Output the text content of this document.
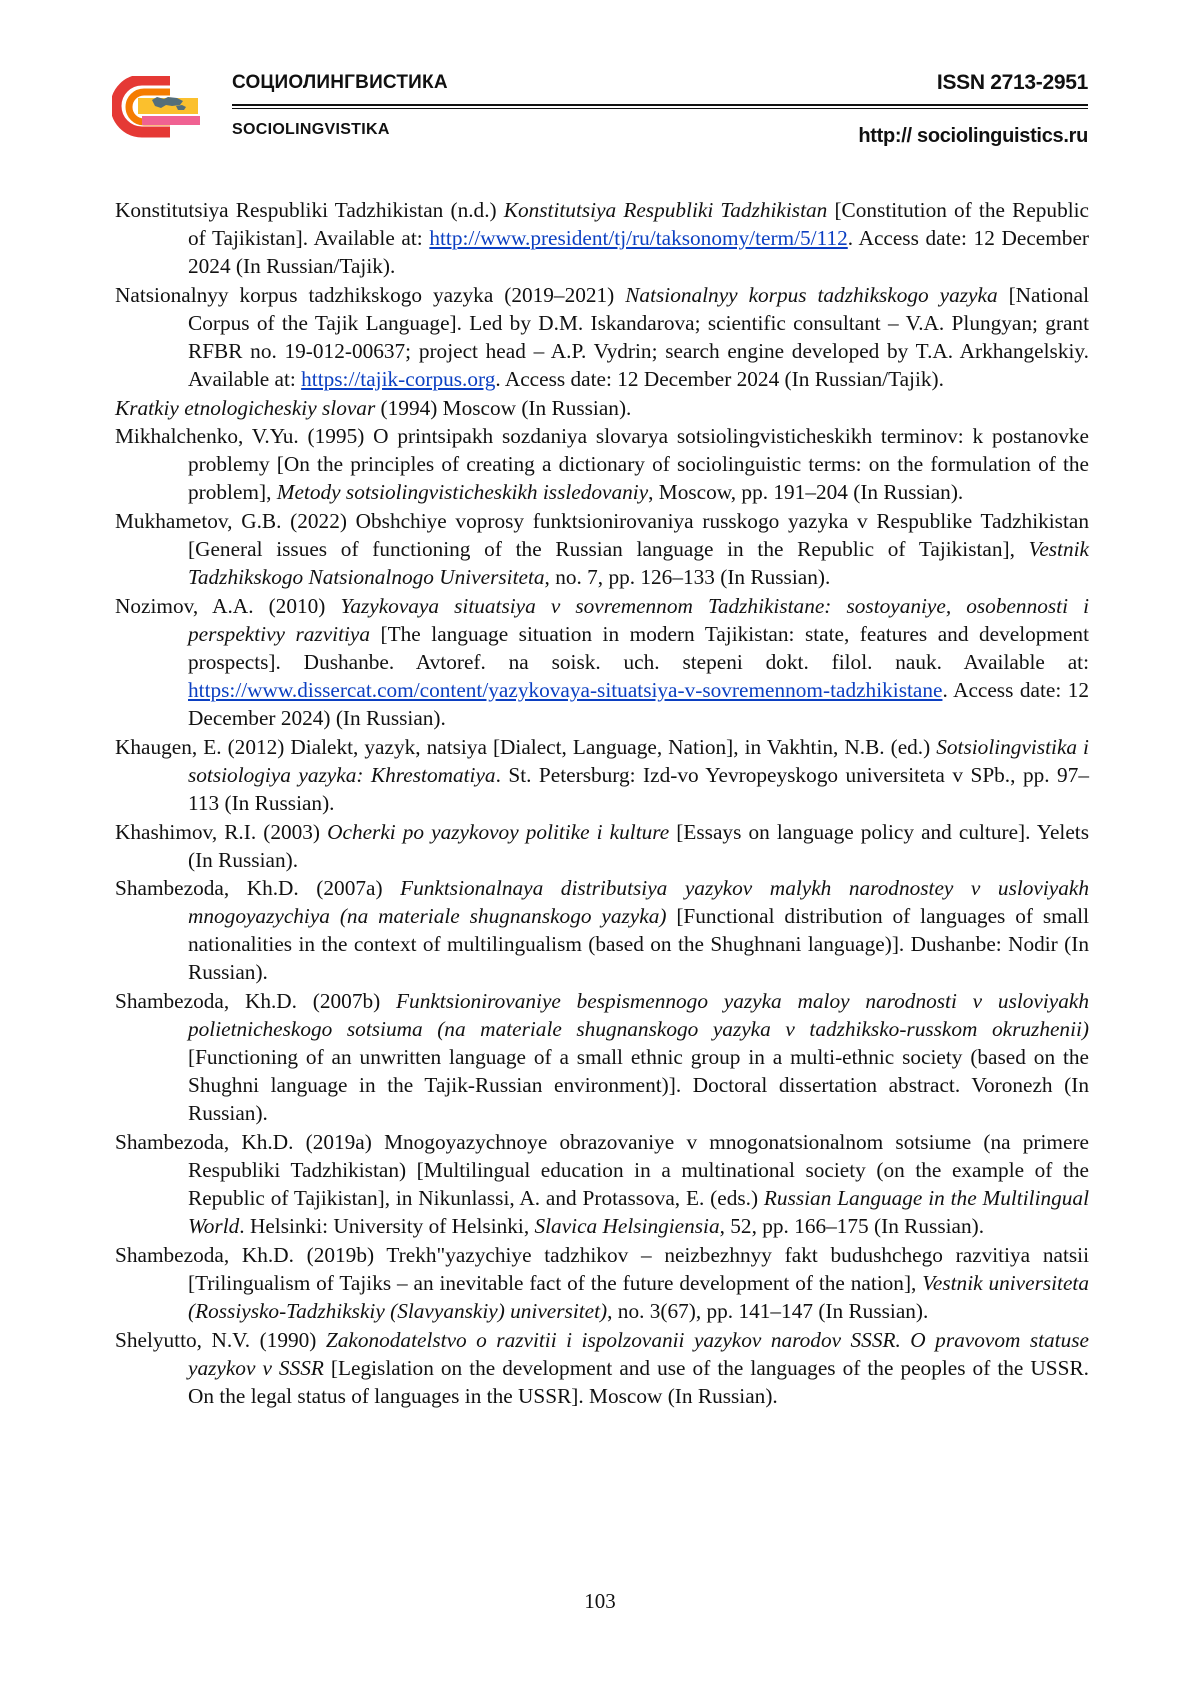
СОЦИОЛИНГВИСТИКА

SOCIOLINGVISTIKA

ISSN 2713-2951

http:// sociolinguistics.ru

Konstitutsiya Respubliki Tadzhikistan (n.d.) Konstitutsiya Respubliki Tadzhikistan [Constitution of the Republic of Tajikistan]. Available at: http://www.president/tj/ru/taksonomy/term/5/112. Access date: 12 December 2024 (In Russian/Tajik).

Natsionalnyy korpus tadzhikskogo yazyka (2019–2021) Natsionalnyy korpus tadzhikskogo yazyka [National Corpus of the Tajik Language]. Led by D.M. Iskandarova; scientific consultant – V.A. Plungyan; grant RFBR no. 19-012-00637; project head – A.P. Vydrin; search engine developed by T.A. Arkhangelskiy. Available at: https://tajik-corpus.org. Access date: 12 December 2024 (In Russian/Tajik).

Kratkiy etnologicheskiy slovar (1994) Moscow (In Russian).

Mikhalchenko, V.Yu. (1995) O printsipakh sozdaniya slovarya sotsiolingvisticheskikh terminov: k postanovke problemy [On the principles of creating a dictionary of sociolinguistic terms: on the formulation of the problem], Metody sotsiolingvisticheskikh issledovaniy, Moscow, pp. 191–204 (In Russian).

Mukhametov, G.B. (2022) Obshchiye voprosy funktsionirovaniya russkogo yazyka v Respublike Tadzhikistan [General issues of functioning of the Russian language in the Republic of Tajikistan], Vestnik Tadzhikskogo Natsionalnogo Universiteta, no. 7, pp. 126–133 (In Russian).

Nozimov, A.A. (2010) Yazykovaya situatsiya v sovremennom Tadzhikistane: sostoyaniye, osobennosti i perspektivy razvitiya [The language situation in modern Tajikistan: state, features and development prospects]. Dushanbe. Avtoref. na soisk. uch. stepeni dokt. filol. nauk. Available at: https://www.dissercat.com/content/yazykovaya-situatsiya-v-sovremennom-tadzhikistane. Access date: 12 December 2024) (In Russian).

Khaugen, E. (2012) Dialekt, yazyk, natsiya [Dialect, Language, Nation], in Vakhtin, N.B. (ed.) Sotsiolingvistika i sotsiologiya yazyka: Khrestomatiya. St. Petersburg: Izd-vo Yevropeyskogo universiteta v SPb., pp. 97–113 (In Russian).

Khashimov, R.I. (2003) Ocherki po yazykovoy politike i kulture [Essays on language policy and culture]. Yelets (In Russian).

Shambezoda, Kh.D. (2007a) Funktsionalnaya distributsiya yazykov malykh narodnostey v usloviyakh mnogoyazychiya (na materiale shugnanskogo yazyka) [Functional distribution of languages of small nationalities in the context of multilingualism (based on the Shughnani language)]. Dushanbe: Nodir (In Russian).

Shambezoda, Kh.D. (2007b) Funktsionirovaniye bespismennogo yazyka maloy narodnosti v usloviyakh polietnicheskogo sotsiuma (na materiale shugnanskogo yazyka v tadzhiksko-russkom okruzhenii) [Functioning of an unwritten language of a small ethnic group in a multi-ethnic society (based on the Shughni language in the Tajik-Russian environment)]. Doctoral dissertation abstract. Voronezh (In Russian).

Shambezoda, Kh.D. (2019a) Mnogoyazychnoye obrazovaniye v mnogonatsionalnom sotsiume (na primere Respubliki Tadzhikistan) [Multilingual education in a multinational society (on the example of the Republic of Tajikistan], in Nikunlassi, A. and Protassova, E. (eds.) Russian Language in the Multilingual World. Helsinki: University of Helsinki, Slavica Helsingiensia, 52, pp. 166–175 (In Russian).

Shambezoda, Kh.D. (2019b) Trekh"yazychiye tadzhikov – neizbezhnyy fakt budushchego razvitiya natsii [Trilingualism of Tajiks – an inevitable fact of the future development of the nation], Vestnik universiteta (Rossiysko-Tadzhikskiy (Slavyanskiy) universitet), no. 3(67), pp. 141–147 (In Russian).

Shelyutto, N.V. (1990) Zakonodatelstvo o razvitii i ispolzovanii yazykov narodov SSSR. O pravovom statuse yazykov v SSSR [Legislation on the development and use of the languages of the peoples of the USSR. On the legal status of languages in the USSR]. Moscow (In Russian).

103
